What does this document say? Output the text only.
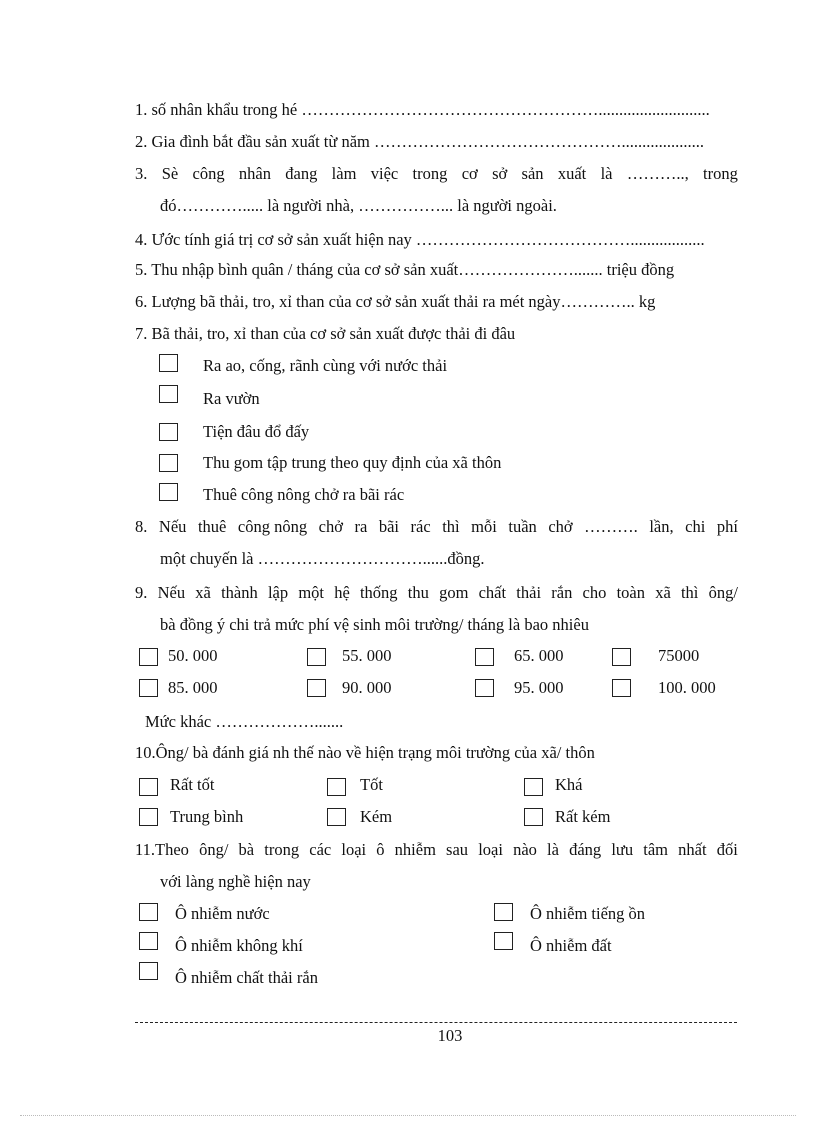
1. số nhân khẩu trong hé ………………………………………………...........................
2. Gia đình bắt đầu sản xuất từ năm ………………………………………....................
3. Sè công nhân đang làm việc trong cơ sở sản xuất là ……….., trong
đó…………..... là người nhà, ……………... là người ngoài.
4. Ước tính giá trị cơ sở sản xuất hiện nay …………………………………..................
5. Thu nhập bình quân / tháng của cơ sở sản xuất…………………....... triệu đồng
6. Lượng bã thải, tro, xỉ than của cơ sở sản xuất thải ra mét ngày………….. kg
7. Bã thải, tro, xỉ than của cơ sở sản xuất được thải đi đâu
Ra ao, cống, rãnh cùng với nước thải
Ra vườn
Tiện đâu đổ đấy
Thu gom tập trung theo quy định của xã thôn
Thuê công nông chở ra bãi rác
8. Nếu thuê công nông chở ra bãi rác thì mỗi tuần chở ………. lần, chi phí
một chuyến là …………………………......đồng.
9. Nếu xã thành lập một hệ thống thu gom chất thải rắn cho toàn xã thì ông/
bà đồng ý chi trả mức phí vệ sinh môi trường/ tháng là bao nhiêu
50. 000	55. 000	65. 000	75000
85. 000	90. 000	95. 000	100. 000
Mức khác ……………….......
10.Ông/ bà đánh giá nh thế nào về hiện trạng môi trường của xã/ thôn
Rất tốt	Tốt	Khá
Trung bình	Kém	Rất kém
11.Theo ông/ bà trong các loại ô nhiễm sau loại nào là đáng lưu tâm nhất đối
với làng nghề hiện nay
Ô nhiễm nước	Ô nhiễm tiếng ồn
Ô nhiễm không khí	Ô nhiễm đất
Ô nhiễm chất thải rắn
103
